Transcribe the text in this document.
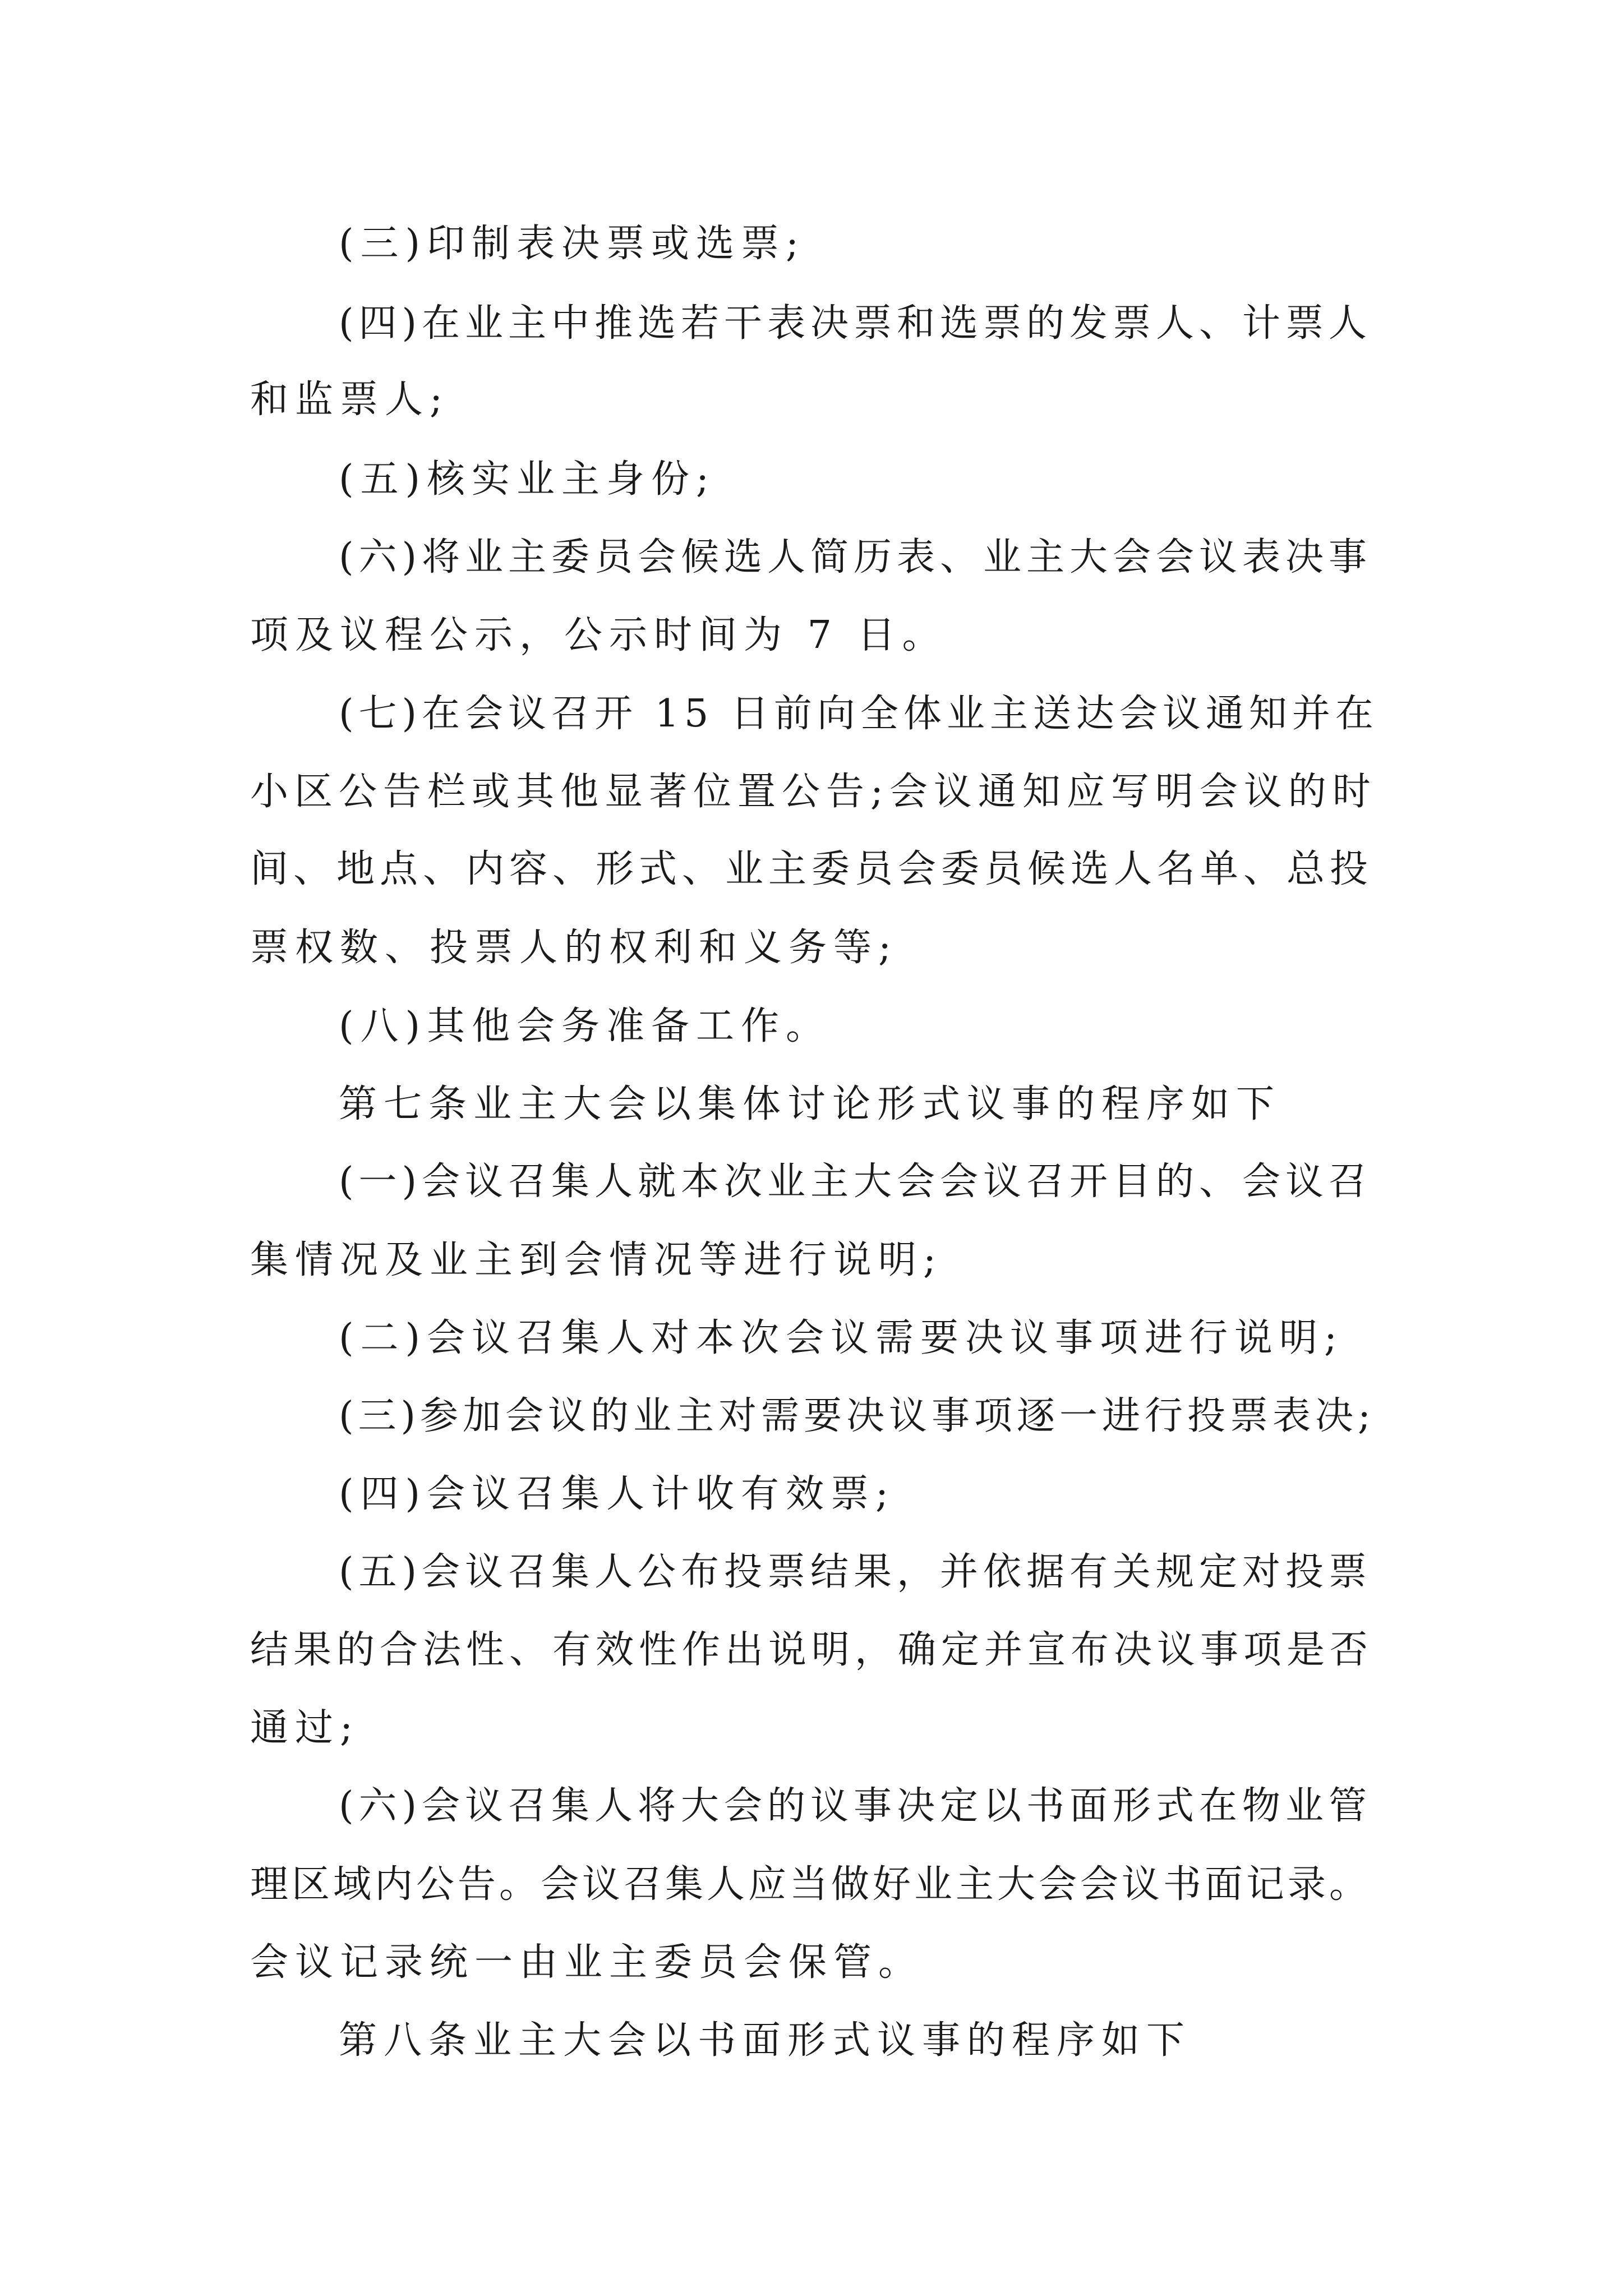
(三)印制表决票或选票;

(四)在业主中推选若干表决票和选票的发票人、计票人

和监票人;

(五)核实业主身份;

(六)将业主委员会候选人简历表、业主大会会议表决事

项及议程公示，公示时间为 7 日。

(七)在会议召开 15 日前向全体业主送达会议通知并在

小区公告栏或其他显著位置公告;会议通知应写明会议的时

间、地点、内容、形式、业主委员会委员候选人名单、总投

票权数、投票人的权利和义务等;

(八)其他会务准备工作。

第七条业主大会以集体讨论形式议事的程序如下

(一)会议召集人就本次业主大会会议召开目的、会议召

集情况及业主到会情况等进行说明;

(二)会议召集人对本次会议需要决议事项进行说明;

(三)参加会议的业主对需要决议事项逐一进行投票表决;

(四)会议召集人计收有效票;

(五)会议召集人公布投票结果，并依据有关规定对投票

结果的合法性、有效性作出说明，确定并宣布决议事项是否

通过;

(六)会议召集人将大会的议事决定以书面形式在物业管

理区域内公告。会议召集人应当做好业主大会会议书面记录。

会议记录统一由业主委员会保管。

第八条业主大会以书面形式议事的程序如下
